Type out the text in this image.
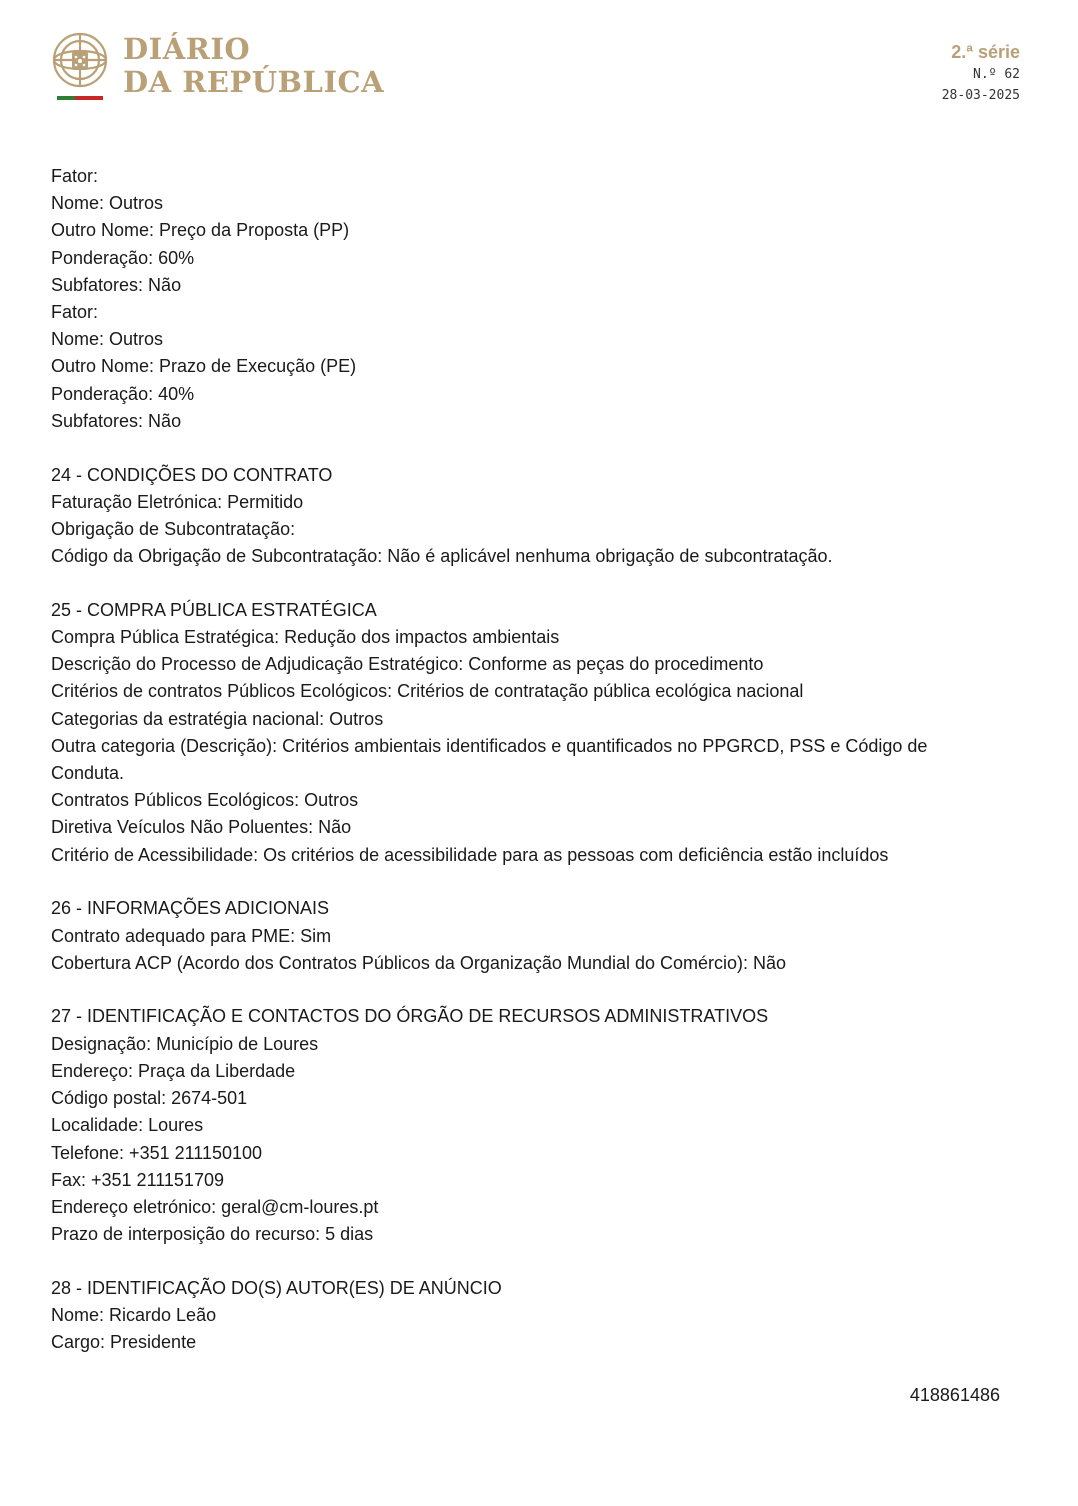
DIÁRIO
DA REPÚBLICA
2.ª série
N.º 62
28-03-2025
Fator:
Nome: Outros
Outro Nome: Preço da Proposta (PP)
Ponderação: 60%
Subfatores: Não
Fator:
Nome: Outros
Outro Nome: Prazo de Execução (PE)
Ponderação: 40%
Subfatores: Não
24 - CONDIÇÕES DO CONTRATO
Faturação Eletrónica: Permitido
Obrigação de Subcontratação:
Código da Obrigação de Subcontratação: Não é aplicável nenhuma obrigação de subcontratação.
25 - COMPRA PÚBLICA ESTRATÉGICA
Compra Pública Estratégica: Redução dos impactos ambientais
Descrição do Processo de Adjudicação Estratégico: Conforme as peças do procedimento
Critérios de contratos Públicos Ecológicos: Critérios de contratação pública ecológica nacional
Categorias da estratégia nacional: Outros
Outra categoria (Descrição): Critérios ambientais identificados e quantificados no PPGRCD, PSS e Código de
Conduta.
Contratos Públicos Ecológicos: Outros
Diretiva Veículos Não Poluentes: Não
Critério de Acessibilidade: Os critérios de acessibilidade para as pessoas com deficiência estão incluídos
26 - INFORMAÇÕES ADICIONAIS
Contrato adequado para PME: Sim
Cobertura ACP (Acordo dos Contratos Públicos da Organização Mundial do Comércio): Não
27 - IDENTIFICAÇÃO E CONTACTOS DO ÓRGÃO DE RECURSOS ADMINISTRATIVOS
Designação: Município de Loures
Endereço: Praça da Liberdade
Código postal: 2674-501
Localidade: Loures
Telefone: +351 211150100
Fax: +351 211151709
Endereço eletrónico: geral@cm-loures.pt
Prazo de interposição do recurso: 5 dias
28 - IDENTIFICAÇÃO DO(S) AUTOR(ES) DE ANÚNCIO
Nome: Ricardo Leão
Cargo: Presidente
418861486
